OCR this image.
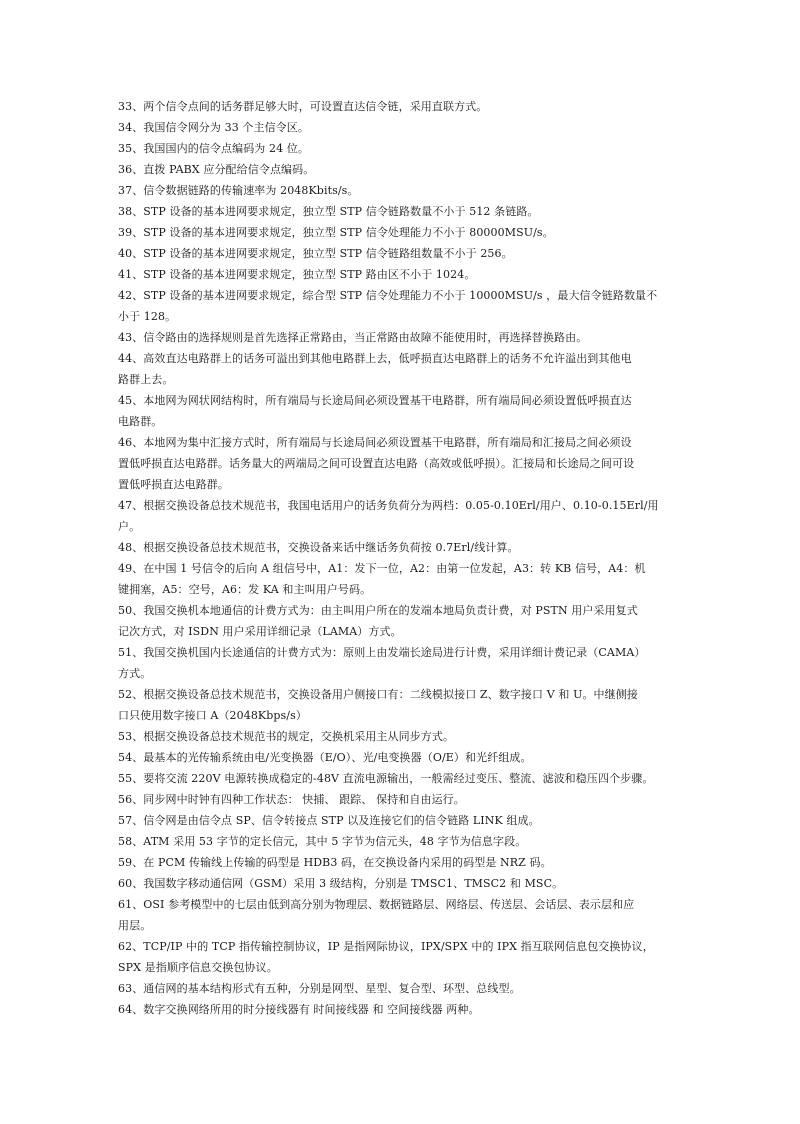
33、两个信令点间的话务群足够大时，可设置直达信令链，采用直联方式。
34、我国信令网分为 33 个主信令区。
35、我国国内的信令点编码为 24 位。
36、直拨 PABX 应分配给信令点编码。
37、信令数据链路的传输速率为 2048Kbits/s。
38、STP 设备的基本进网要求规定，独立型 STP 信令链路数量不小于 512 条链路。
39、STP 设备的基本进网要求规定，独立型 STP 信令处理能力不小于 80000MSU/s。
40、STP 设备的基本进网要求规定，独立型 STP 信令链路组数量不小于 256。
41、STP 设备的基本进网要求规定，独立型 STP 路由区不小于 1024。
42、STP 设备的基本进网要求规定，综合型 STP 信令处理能力不小于 10000MSU/s ，最大信令链路数量不
小于 128。
43、信令路由的选择规则是首先选择正常路由，当正常路由故障不能使用时，再选择替换路由。
44、高效直达电路群上的话务可溢出到其他电路群上去，低呼损直达电路群上的话务不允许溢出到其他电
路群上去。
45、本地网为网状网结构时，所有端局与长途局间必须设置基干电路群，所有端局间必须设置低呼损直达
电路群。
46、本地网为集中汇接方式时，所有端局与长途局间必须设置基干电路群，所有端局和汇接局之间必须设
置低呼损直达电路群。话务量大的两端局之间可设置直达电路（高效或低呼损）。汇接局和长途局之间可设
置低呼损直达电路群。
47、根据交换设备总技术规范书，我国电话用户的话务负荷分为两档：0.05-0.10Erl/用户、0.10-0.15Erl/用
户。
48、根据交换设备总技术规范书，交换设备来话中继话务负荷按 0.7Erl/线计算。
49、在中国 1 号信令的后向 A 组信号中，A1：发下一位，A2：由第一位发起，A3：转 KB 信号，A4：机
键拥塞，A5：空号，A6：发 KA 和主叫用户号码。
50、我国交换机本地通信的计费方式为：由主叫用户所在的发端本地局负责计费，对 PSTN 用户采用复式
记次方式，对 ISDN 用户采用详细记录（LAMA）方式。
51、我国交换机国内长途通信的计费方式为：原则上由发端长途局进行计费，采用详细计费记录（CAMA）
方式。
52、根据交换设备总技术规范书，交换设备用户侧接口有：二线模拟接口 Z、数字接口 V 和 U。中继侧接
口只使用数字接口 A（2048Kbps/s）
53、根据交换设备总技术规范书的规定，交换机采用主从同步方式。
54、最基本的光传输系统由电/光变换器（E/O）、光/电变换器（O/E）和光纤组成。
55、要将交流 220V 电源转换成稳定的-48V 直流电源输出，一般需经过变压、整流、滤波和稳压四个步骤。
56、同步网中时钟有四种工作状态： 快捕、 跟踪、 保持和自由运行。
57、信令网是由信令点 SP、信令转接点 STP 以及连接它们的信令链路 LINK 组成。
58、ATM 采用 53 字节的定长信元，其中 5 字节为信元头，48 字节为信息字段。
59、在 PCM 传输线上传输的码型是 HDB3 码，在交换设备内采用的码型是 NRZ 码。
60、我国数字移动通信网（GSM）采用 3 级结构，分别是 TMSC1、TMSC2 和 MSC。
61、OSI 参考模型中的七层由低到高分别为物理层、数据链路层、网络层、传送层、会话层、表示层和应
用层。
62、TCP/IP 中的 TCP 指传输控制协议，IP 是指网际协议，IPX/SPX 中的 IPX 指互联网信息包交换协议，
SPX 是指顺序信息交换包协议。
63、通信网的基本结构形式有五种，分别是网型、星型、复合型、环型、总线型。
64、数字交换网络所用的时分接线器有 时间接线器 和 空间接线器 两种。
